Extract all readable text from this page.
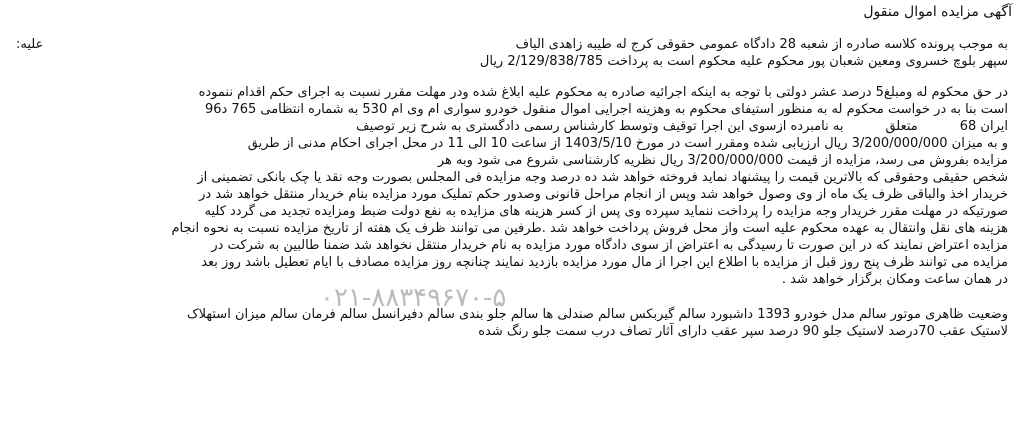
آگهی مزایده اموال منقول
به موجب پرونده کلاسه صادره از شعبه 28 دادگاه عمومی حقوقی کرج له طیبه زاهدی الیاف
علیه:
سپهر بلوچ خسروی ومعین شعبان پور محکوم علیه محکوم است به پرداخت 2/129/838/785 ریال
در حق محکوم له ومبلغ5 درصد عشر دولتی با توجه به اینکه اجرائیه صادره به محکوم علیه ابلاغ شده ودر مهلت مقرر نسبت به اجرای حکم اقدام ننموده
است بنا به در خواست محکوم له به منظور استیفای محکوم به وهزینه اجرایی اموال منقول خودرو سواری ام وی ام 530 به شماره انتظامی 765 د96
ایران 68متعلقبه نامبرده ازسوی این اجرا توقیف وتوسط کارشناس رسمی دادگستری به شرح زیر توصیف
و به میزان 3/200/000/000 ریال ارزیابی شده ومقرر است در مورخ 1403/5/10 از ساعت 10 الی 11 در محل اجرای احکام مدنی از طریق
مزایده بفروش می رسد، مزایده از قیمت 3/200/000/000 ریال نظریه کارشناسی شروع می شود وبه هر
شخص حقیقی وحقوقی که بالاترین قیمت را پیشنهاد نماید فروخته خواهد شد ده درصد وجه مزایده فی المجلس بصورت وجه نقد یا چک بانکی تضمینی از
خریدار اخذ والباقی ظرف یک ماه از وی وصول خواهد شد وپس از انجام مراحل قانونی وصدور حکم تملیک مورد مزایده بنام خریدار منتقل خواهد شد در
صورتیکه در مهلت مقرر خریدار وجه مزایده را پرداخت ننماید سپرده وی پس از کسر هزینه های مزایده به نفع دولت ضبط ومزایده تجدید می گردد کلیه
هزینه های نقل وانتقال به عهده محکوم علیه است واز محل فروش پرداخت خواهد شد .طرفین می توانند ظرف یک هفته از تاریخ مزایده نسبت به نحوه انجام
مزایده اعتراض نمایند که در این صورت تا رسیدگی به اعتراض از سوی دادگاه مورد مزایده به نام خریدار منتقل نخواهد شد ضمنا طالبین به شرکت در
مزایده می توانند ظرف پنج روز قبل از مزایده با اطلاع این اجرا از مال مورد مزایده بازدید نمایند چنانچه روز مزایده مصادف با ایام تعطیل باشد روز بعد
در همان ساعت ومکان برگزار خواهد شد .
۰۲۱-۸۸۳۴۹۶۷۰-۵
وضعیت ظاهری موتور سالم مدل خودرو 1393 داشبورد سالم گیربکس سالم صندلی ها سالم جلو بندی سالم دفیرانسل سالم فرمان سالم میزان استهلاک
لاستیک عقب 70درصد لاستیک جلو 90 درصد سپر عقب دارای آثار تصاف درب سمت جلو رنگ شده
